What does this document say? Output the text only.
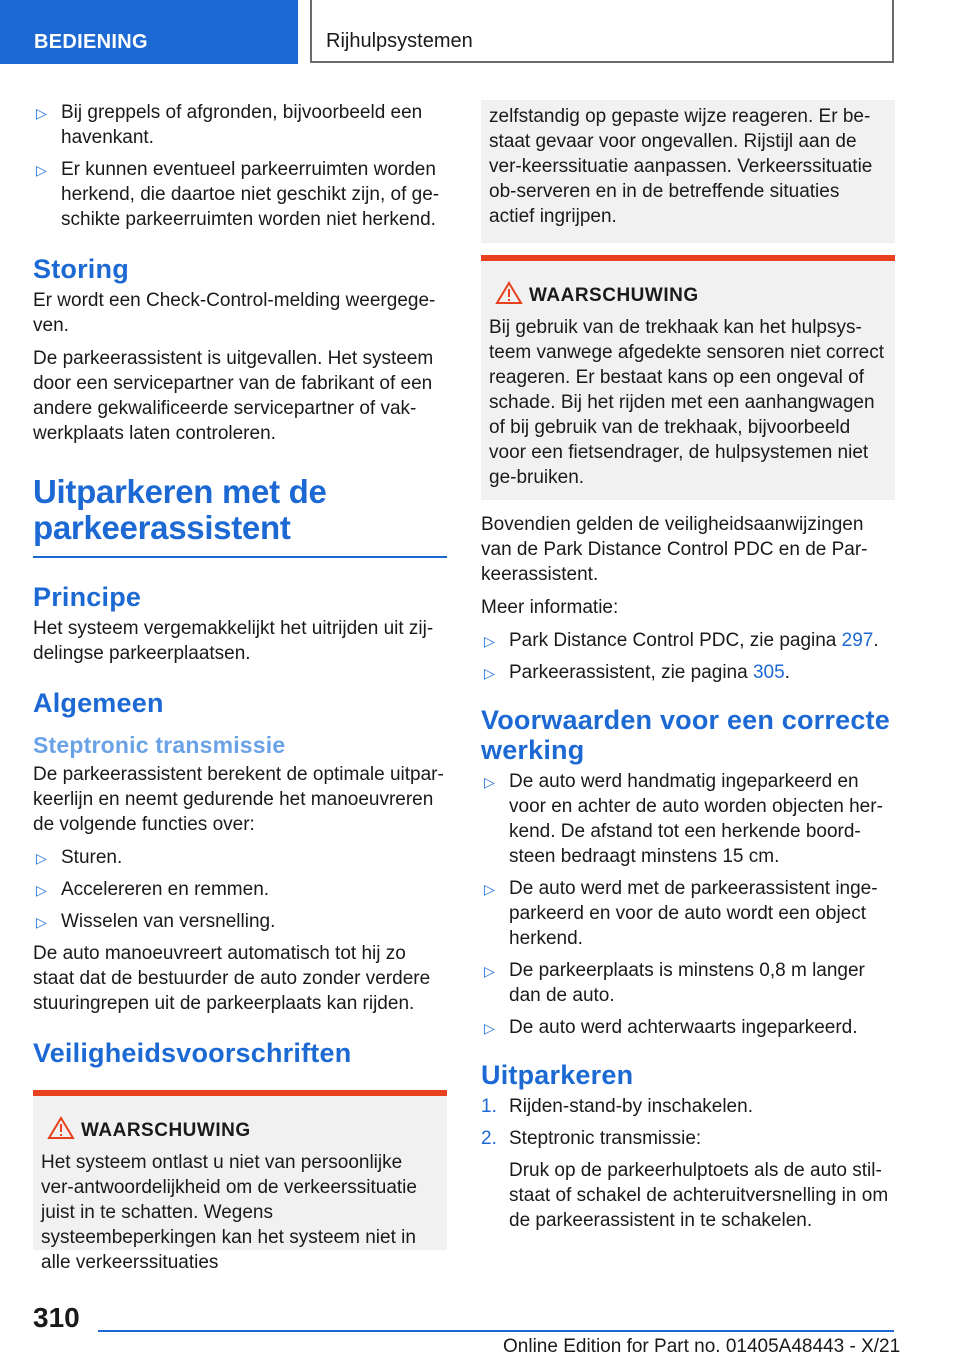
BEDIENING	Rijhulpsystemen
▷ Bij greppels of afgronden, bijvoorbeeld een havenkant.
▷ Er kunnen eventueel parkeerruimten worden herkend, die daartoe niet geschikt zijn, of ge-schikte parkeerruimten worden niet herkend.
Storing

Er wordt een Check-Control-melding weergege-ven.

De parkeerassistent is uitgevallen. Het systeem door een servicepartner van de fabrikant of een andere gekwalificeerde servicepartner of vak-werkplaats laten controleren.

Uitparkeren met de parkeerassistent
Principe

Het systeem vergemakkelijkt het uitrijden uit zij-delingse parkeerplaatsen.

Algemeen
Steptronic transmissie

De parkeerassistent berekent de optimale uitpar-keerlijn en neemt gedurende het manoeuvreren de volgende functies over:

▷ Sturen.
▷ Accelereren en remmen.
▷ Wisselen van versnelling.

De auto manoeuvreert automatisch tot hij zo staat dat de bestuurder de auto zonder verdere stuuringrepen uit de parkeerplaats kan rijden.

Veiligheidsvoorschriften
WAARSCHUWING

Het systeem ontlast u niet van persoonlijke ver-antwoordelijkheid om de verkeerssituatie juist in te schatten. Wegens systeembeperkingen kan het systeem niet in alle verkeerssituaties

zelfstandig op gepaste wijze reageren. Er be-staat gevaar voor ongevallen. Rijstijl aan de ver-keerssituatie aanpassen. Verkeerssituatie ob-serveren en in de betreffende situaties actief ingrijpen.

WAARSCHUWING

Bij gebruik van de trekhaak kan het hulpsys-teem vanwege afgedekte sensoren niet correct reageren. Er bestaat kans op een ongeval of schade. Bij het rijden met een aanhangwagen of bij gebruik van de trekhaak, bijvoorbeeld voor een fietsendrager, de hulpsystemen niet ge-bruiken.

Bovendien gelden de veiligheidsaanwijzingen van de Park Distance Control PDC en de Par-keerassistent.

Meer informatie:

▷ Park Distance Control PDC, zie pagina 297.
▷ Parkeerassistent, zie pagina 305.
Voorwaarden voor een correcte werking
▷ De auto werd handmatig ingeparkeerd en voor en achter de auto worden objecten her-kend. De afstand tot een herkende boord-steen bedraagt minstens 15 cm.
▷ De auto werd met de parkeerassistent inge-parkeerd en voor de auto wordt een object herkend.
▷ De parkeerplaats is minstens 0,8 m langer dan de auto.
▷ De auto werd achterwaarts ingeparkeerd.
Uitparkeren
1. Rijden-stand-by inschakelen.
2. Steptronic transmissie:

Druk op de parkeerhulptoets als de auto stil-staat of schakel de achteruitversnelling in om de parkeerassistent in te schakelen.

310
Online Edition for Part no. 01405A48443 - X/21
